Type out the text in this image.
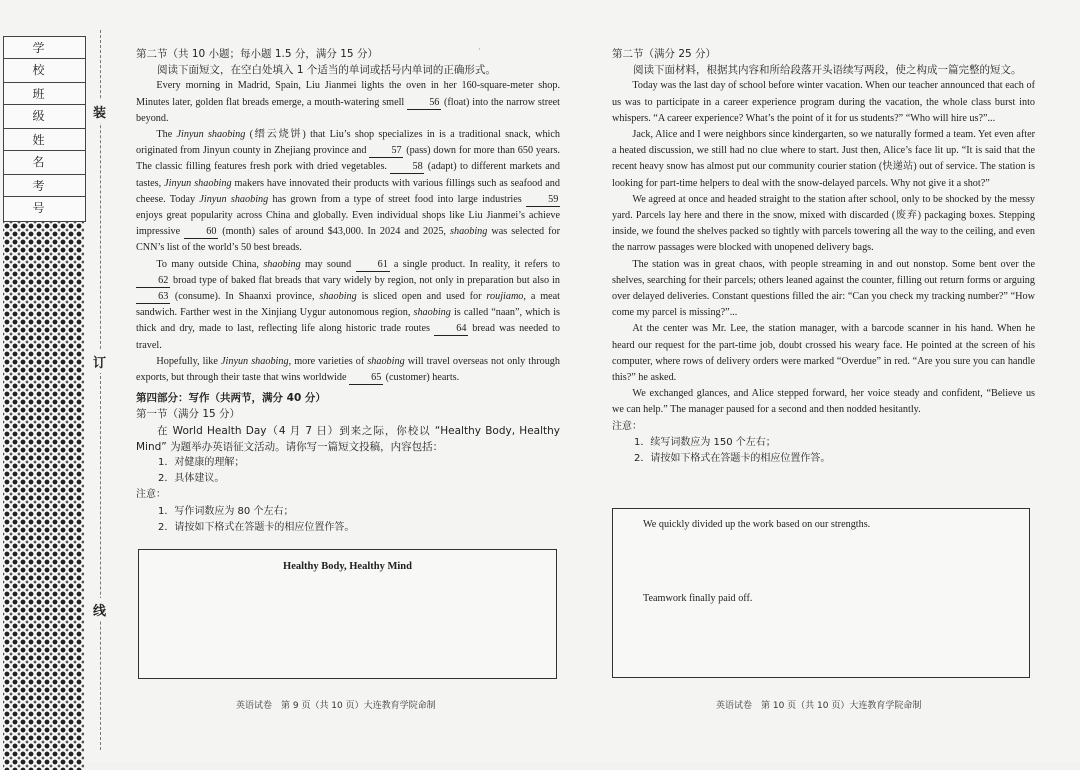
学 校
班 级
姓 名
考 号
装
订
线
·

第二节（共 10 小题；每小题 1.5 分，满分 15 分）

阅读下面短文，在空白处填入 1 个适当的单词或括号内单词的正确形式。

Every morning in Madrid, Spain, Liu Jianmei lights the oven in her 160-square-meter shop. Minutes later, golden flat breads emerge, a mouth-watering smell 56 (float) into the narrow street beyond.

The Jinyun shaobing (缙云烧饼) that Liu’s shop specializes in is a traditional snack, which originated from Jinyun county in Zhejiang province and 57 (pass) down for more than 650 years. The classic filling features fresh pork with dried vegetables. 58 (adapt) to different markets and tastes, Jinyun shaobing makers have innovated their products with various fillings such as seafood and cheese. Today Jinyun shaobing has grown from a type of street food into large industries 59 enjoys great popularity across China and globally. Even individual shops like Liu Jianmei’s achieve impressive 60 (month) sales of around $43,000. In 2024 and 2025, shaobing was selected for CNN’s list of the world’s 50 best breads.

To many outside China, shaobing may sound 61 a single product. In reality, it refers to 62 broad type of baked flat breads that vary widely by region, not only in preparation but also in 63 (consume). In Shaanxi province, shaobing is sliced open and used for roujiamo, a meat sandwich. Farther west in the Xinjiang Uygur autonomous region, shaobing is called “naan”, which is thick and dry, made to last, reflecting life along historic trade routes 64 bread was needed to travel.

Hopefully, like Jinyun shaobing, more varieties of shaobing will travel overseas not only through exports, but through their taste that wins worldwide 65 (customer) hearts.

第四部分：写作（共两节，满分 40 分）

第一节（满分 15 分）

在 World Health Day（4 月 7 日）到来之际，你校以 “Healthy Body, Healthy Mind” 为题举办英语征文活动。请你写一篇短文投稿，内容包括：

1．对健康的理解；

2．具体建议。

注意：

1．写作词数应为 80 个左右；

2．请按如下格式在答题卡的相应位置作答。

Healthy Body, Healthy Mind
英语试卷　第 9 页（共 10 页）大连教育学院命制

第二节（满分 25 分）

阅读下面材料，根据其内容和所给段落开头语续写两段，使之构成一篇完整的短文。

Today was the last day of school before winter vacation. When our teacher announced that each of us was to participate in a career experience program during the vacation, the whole class burst into whispers. “A career experience? What’s the point of it for us students?” “Who will hire us?”...

Jack, Alice and I were neighbors since kindergarten, so we naturally formed a team. Yet even after a heated discussion, we still had no clue where to start. Just then, Alice’s face lit up. “It is said that the recent heavy snow has almost put our community courier station (快递站) out of service. The station is looking for part-time helpers to deal with the snow-delayed parcels. Why not give it a shot?”

We agreed at once and headed straight to the station after school, only to be shocked by the messy yard. Parcels lay here and there in the snow, mixed with discarded (废弃) packaging boxes. Stepping inside, we found the shelves packed so tightly with parcels towering all the way to the ceiling, and even the narrow passages were blocked with unopened delivery bags.

The station was in great chaos, with people streaming in and out nonstop. Some bent over the shelves, searching for their parcels; others leaned against the counter, filling out return forms or arguing over delayed deliveries. Constant questions filled the air: “Can you check my tracking number?” “How come my parcel is missing?”...

At the center was Mr. Lee, the station manager, with a barcode scanner in his hand. When he heard our request for the part-time job, doubt crossed his weary face. He pointed at the screen of his computer, where rows of delivery orders were marked “Overdue” in red. “Are you sure you can handle this?” he asked.

We exchanged glances, and Alice stepped forward, her voice steady and confident, “Believe us　　we can help.” The manager paused for a second and then nodded hesitantly.

注意：

1．续写词数应为 150 个左右；

2．请按如下格式在答题卡的相应位置作答。

We quickly divided up the work based on our strengths.
Teamwork finally paid off.
英语试卷　第 10 页（共 10 页）大连教育学院命制
